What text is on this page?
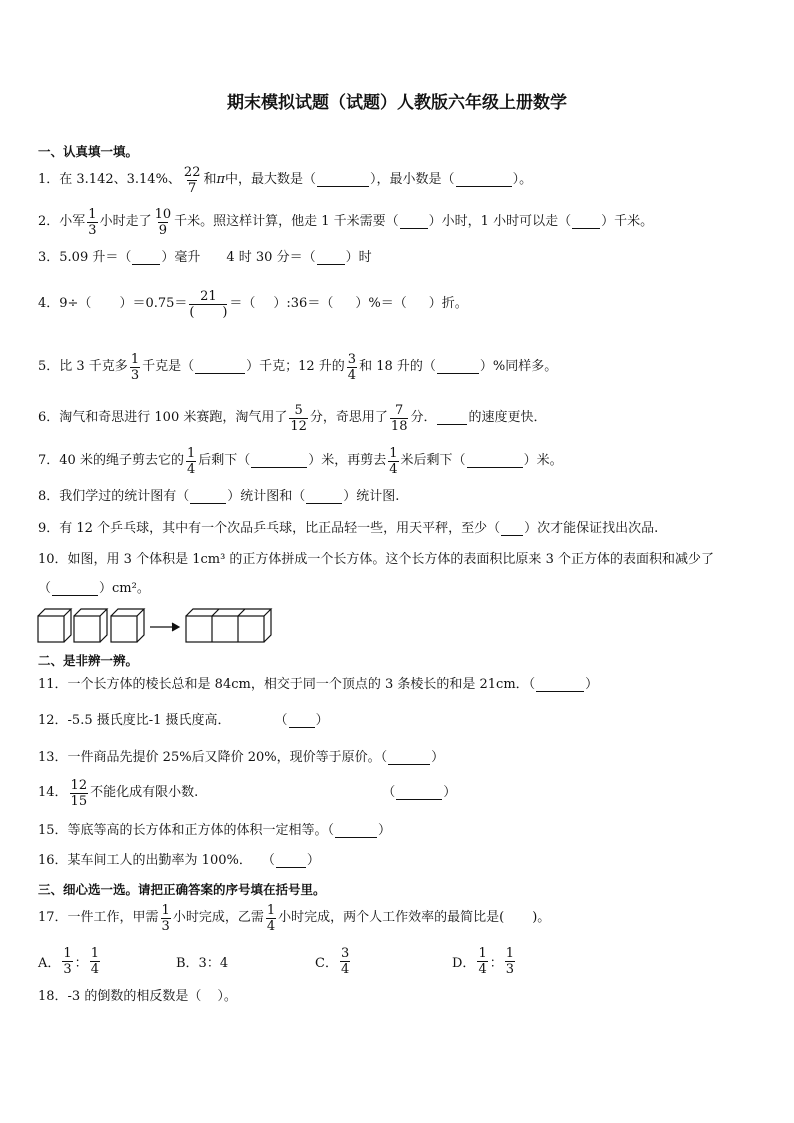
期末模拟试题（试题）人教版六年级上册数学
一、认真填一填。
1．在 3.142、3.14%、 22
7
和 π 中，最大数是（	），最小数是（	）。
2．小军 1
3
小时走了 10
9
千米。照这样计算，他走 1 千米需要（ ）小时，1 小时可以走（ ）千米。
3．5.09 升＝（ ）毫升 4 时 30 分＝（ ）时
4．9÷（ ）＝0.75＝ 21
( )
＝（ ）:36＝（ ）%＝（ ）折。
5．比 3 千克多 1
3
千克是（	）千克；12 升的 3
4
和 18 升的（	）%同样多。
6．淘气和奇思进行 100 米赛跑，淘气用了 5
12
分，奇思用了 7
18
分． 的速度更快．
7．40 米的绳子剪去它的 1
4
后剩下（	）米，再剪去 1
4
米后剩下（	）米。
8．我们学过的统计图有（	）统计图和（	）统计图.
9．有 12 个乒乓球，其中有一个次品乒乓球，比正品轻一些，用天平秤，至少（ ）次才能保证找出次品.
10．如图，用 3 个体积是 1cm³ 的正方体拼成一个长方体。这个长方体的表面积比原来 3 个正方体的表面积和减少了
（	）cm²。
二、是非辨一辨。
11．一个长方体的棱长总和是 84cm，相交于同一个顶点的 3 条棱长的和是 21cm．（	）
12．-5.5 摄氏度比-1 摄氏度高．	（ ）
13．一件商品先提价 25%后又降价 20%，现价等于原价。（	）
14． 12
15
不能化成有限小数.	（	）
15．等底等高的长方体和正方体的体积一定相等。（	）
16．某车间工人的出勤率为 100%． （ ）
三、细心选一选。请把正确答案的序号填在括号里。
17．一件工作，甲需 1
3
小时完成，乙需 1
4
小时完成，两个人工作效率的最简比是( )。
A．
1
3 ：
1
4	B．3：4	C．
3
4	D．
1
4 ：
1
3
18．-3 的倒数的相反数是（ ）。
